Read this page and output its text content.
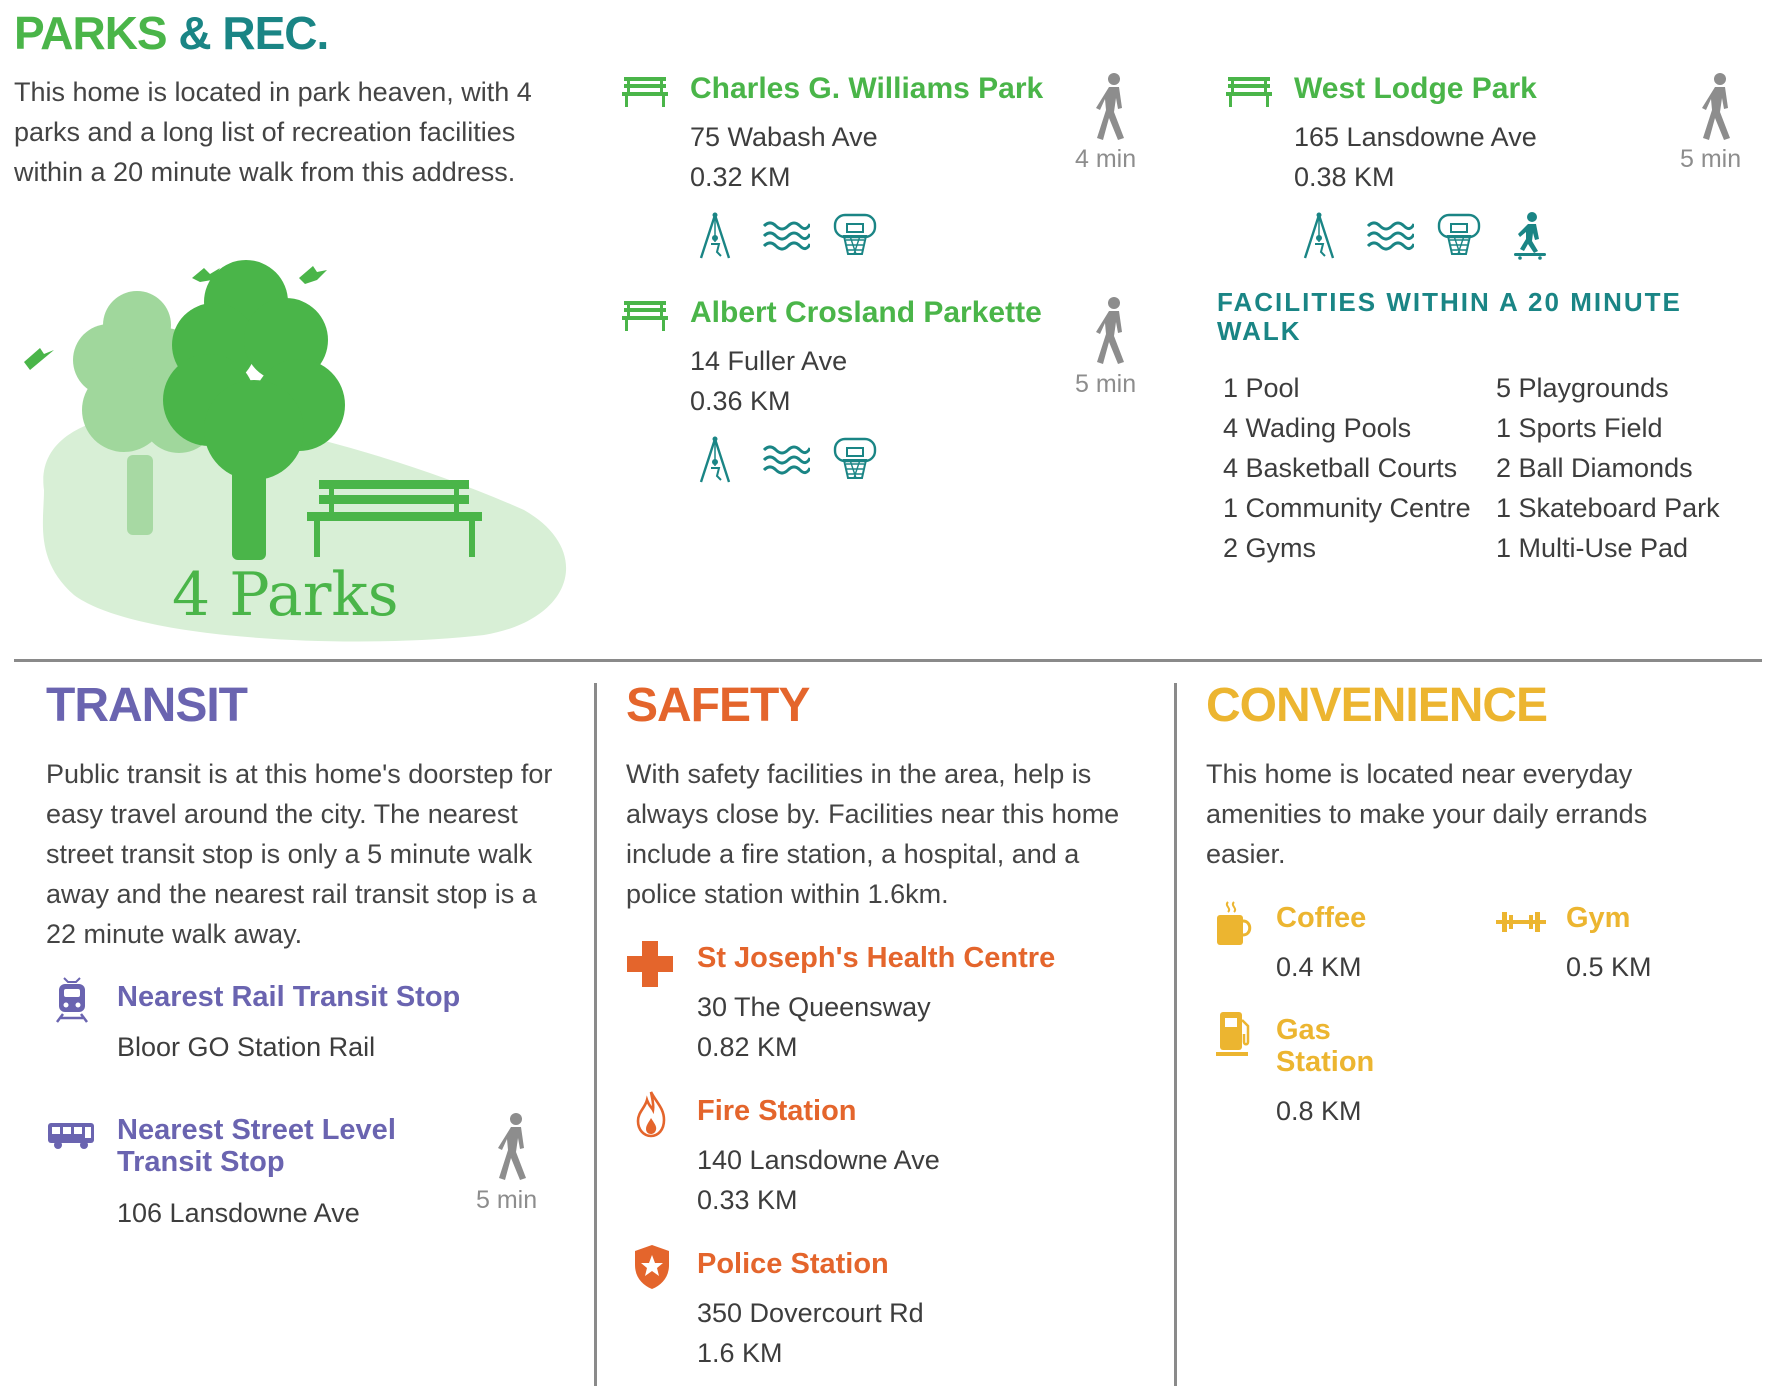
PARKS & REC.
This home is located in park heaven, with 4 parks and a long list of recreation facilities within a 20 minute walk from this address.
4 Parks
Charles G. Williams Park
75 Wabash Ave
0.32 KM
4 min
West Lodge Park
165 Lansdowne Ave
0.38 KM
5 min
Albert Crosland Parkette
14 Fuller Ave
0.36 KM
5 min
FACILITIES WITHIN A 20 MINUTE WALK
1 Pool
4 Wading Pools
4 Basketball Courts
1 Community Centre
2 Gyms
5 Playgrounds
1 Sports Field
2 Ball Diamonds
1 Skateboard Park
1 Multi-Use Pad
TRANSIT
Public transit is at this home's doorstep for easy travel around the city. The nearest street transit stop is only a 5 minute walk away and the nearest rail transit stop is a 22 minute walk away.
Nearest Rail Transit Stop
Bloor GO Station Rail
Nearest Street Level
Transit Stop
106 Lansdowne Ave	5 min
SAFETY
With safety facilities in the area, help is always close by. Facilities near this home include a fire station, a hospital, and a police station within 1.6km.
St Joseph's Health Centre
30 The Queensway
0.82 KM
Fire Station
140 Lansdowne Ave
0.33 KM
Police Station
350 Dovercourt Rd
1.6 KM
CONVENIENCE
This home is located near everyday amenities to make your daily errands easier.
Coffee
0.4 KM
Gym
0.5 KM
Gas
Station
0.8 KM
